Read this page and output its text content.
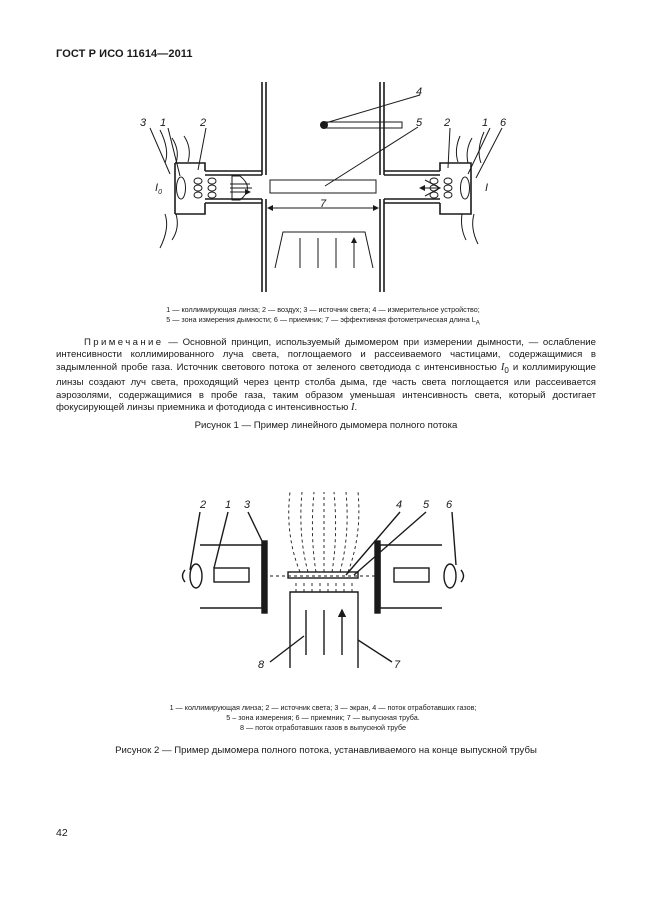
ГОСТ Р ИСО 11614—2011
3 1	2
4
5 2	1 6
7
$I_0$	I
1 — коллимирующая линза; 2 — воздух; 3 — источник света; 4 — измерительное устройство;
5 — зона измерения дымности; 6 — приемник; 7 — эффективная фотометрическая длина $L_A$
Примечание — Основной принцип, используемый дымомером при измерении дымности, — ослабление интенсивности коллимированного луча света, поглощаемого и рассеиваемого частицами, содержащимися в задымленной пробе газа. Источник светового потока от зеленого светодиода с интенсивностью $I_0$ и коллимирующие линзы создают луч света, проходящий через центр столба дыма, где часть света поглощается или рассеивается аэрозолями, содержащимися в пробе газа, таким образом уменьшая интенсивность света, который достигает фокусирующей линзы приемника и фотодиода с интенсивностью I.
Рисунок 1 — Пример линейного дымомера полного потока
2 1 3	4 5 6
8	7
1 — коллимирующая линза; 2 — источник света; 3 — экран, 4 — поток отработавших газов;
5 – зона измерения; 6 — приемник; 7 — выпускная труба.
8 — поток отработавших газов в выпускной трубе
Рисунок 2 — Пример дымомера полного потока, устанавливаемого на конце выпускной трубы
42
